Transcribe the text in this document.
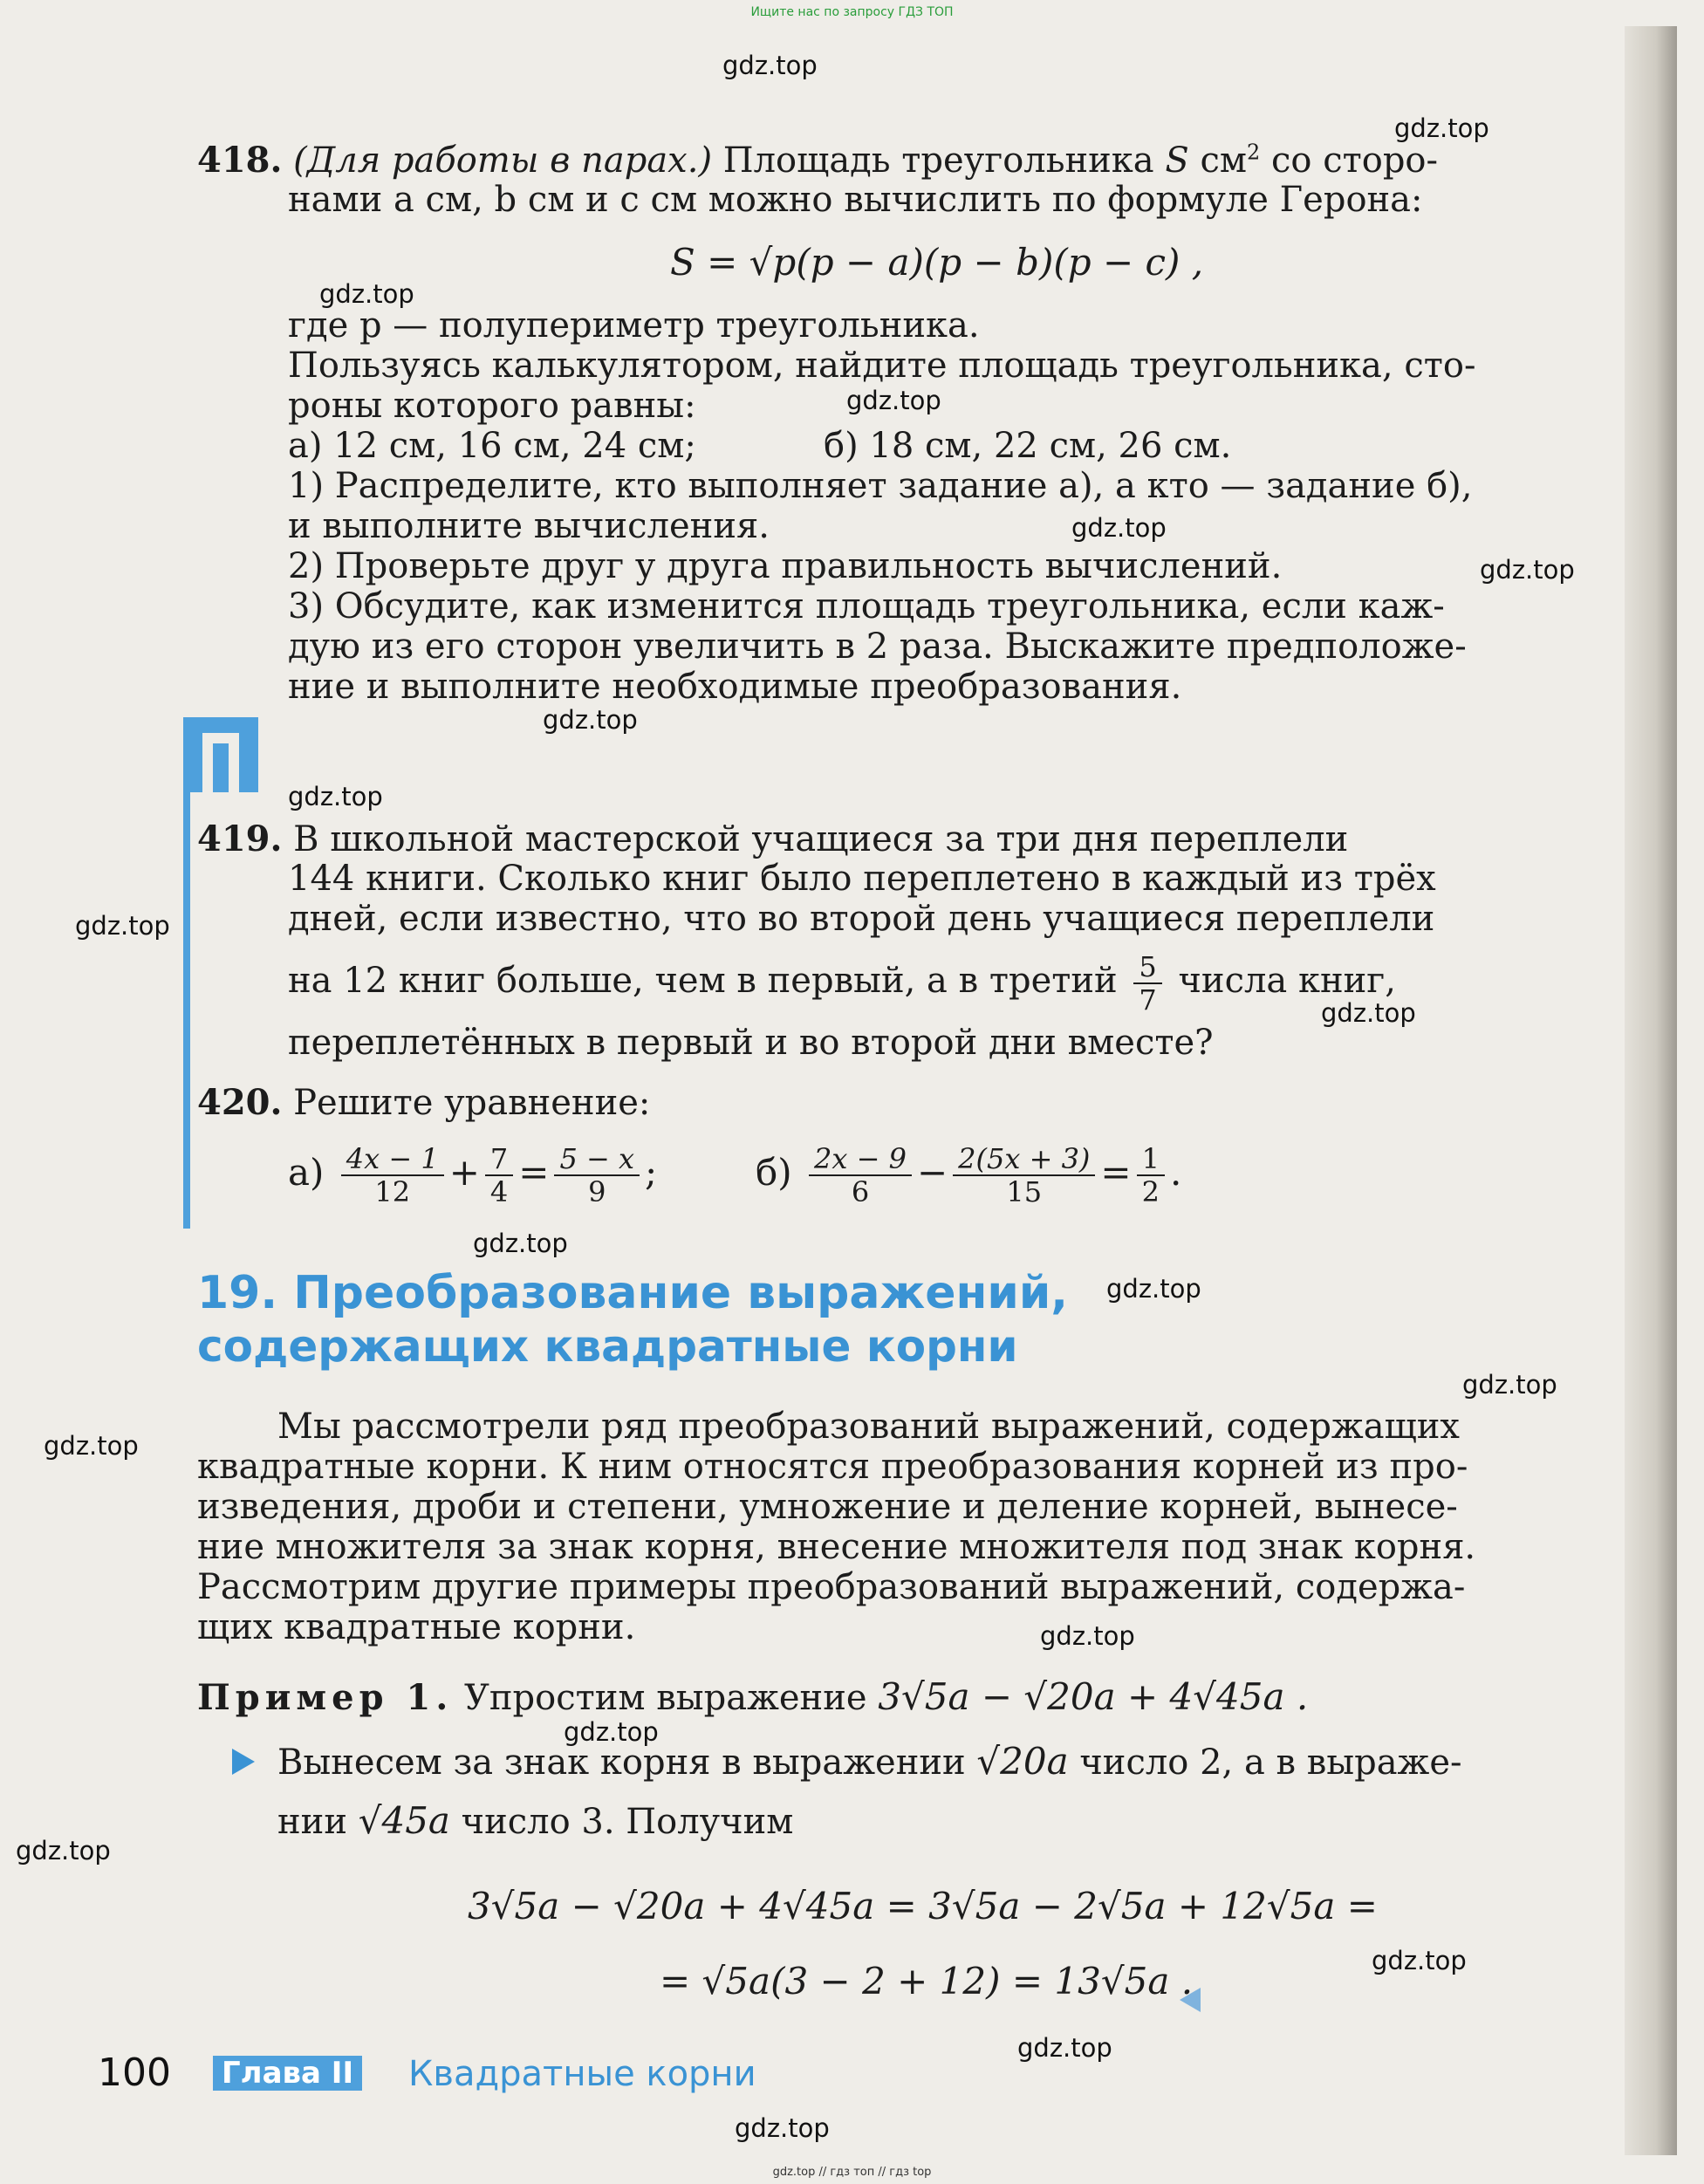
Ищите нас по запросу ГДЗ ТОП
gdz.top
gdz.top
gdz.top
gdz.top
gdz.top
gdz.top
gdz.top
gdz.top
gdz.top
gdz.top
gdz.top
gdz.top
gdz.top
gdz.top
gdz.top
gdz.top
gdz.top
gdz.top
gdz.top
gdz.top
418. (Для работы в парах.) Площадь треугольника S $см^2$ со сторо-
нами a см, b см и c см можно вычислить по формуле Герона:
S = √p(p − a)(p − b)(p − c) ,
где p — полупериметр треугольника.
Пользуясь калькулятором, найдите площадь треугольника, сто-
роны которого равны:
а) 12 см, 16 см, 24 см;	б) 18 см, 22 см, 26 см.
1) Распределите, кто выполняет задание а), а кто — задание б),
и выполните вычисления.
2) Проверьте друг у друга правильность вычислений.
3) Обсудите, как изменится площадь треугольника, если каж-
дую из его сторон увеличить в 2 раза. Выскажите предположе-
ние и выполните необходимые преобразования.
419. В школьной мастерской учащиеся за три дня переплели
144 книги. Сколько книг было переплетено в каждый из трёх
дней, если известно, что во второй день учащиеся переплели
на 12 книг больше, чем в первый, а в третий $\frac{5}{7}$ числа книг,
переплетённых в первый и во второй дни вместе?
420. Решите уравнение:
$а) \frac{4x - 1}{12} + \frac{7}{4} = \frac{5 - x}{9}$ ;	$б) \frac{2x - 9}{6} - \frac{2(5x + 3)}{15} = \frac{1}{2}$ .
19. Преобразование выражений,
содержащих квадратные корни
Мы рассмотрели ряд преобразований выражений, содержащих
квадратные корни. К ним относятся преобразования корней из про-
изведения, дроби и степени, умножение и деление корней, вынесе-
ние множителя за знак корня, внесение множителя под знак корня.
Рассмотрим другие примеры преобразований выражений, содержа-
щих квадратные корни.
Пример 1. Упростим выражение 3√5a − √20a + 4√45a .
Вынесем за знак корня в выражении √20a число 2, а в выраже-
нии √45a число 3. Получим
3√5a − √20a + 4√45a = 3√5a − 2√5a + 12√5a =
= √5a(3 − 2 + 12) = 13√5a .
100 Глава II Квадратные корни
gdz.top // гдз топ // гдз top
